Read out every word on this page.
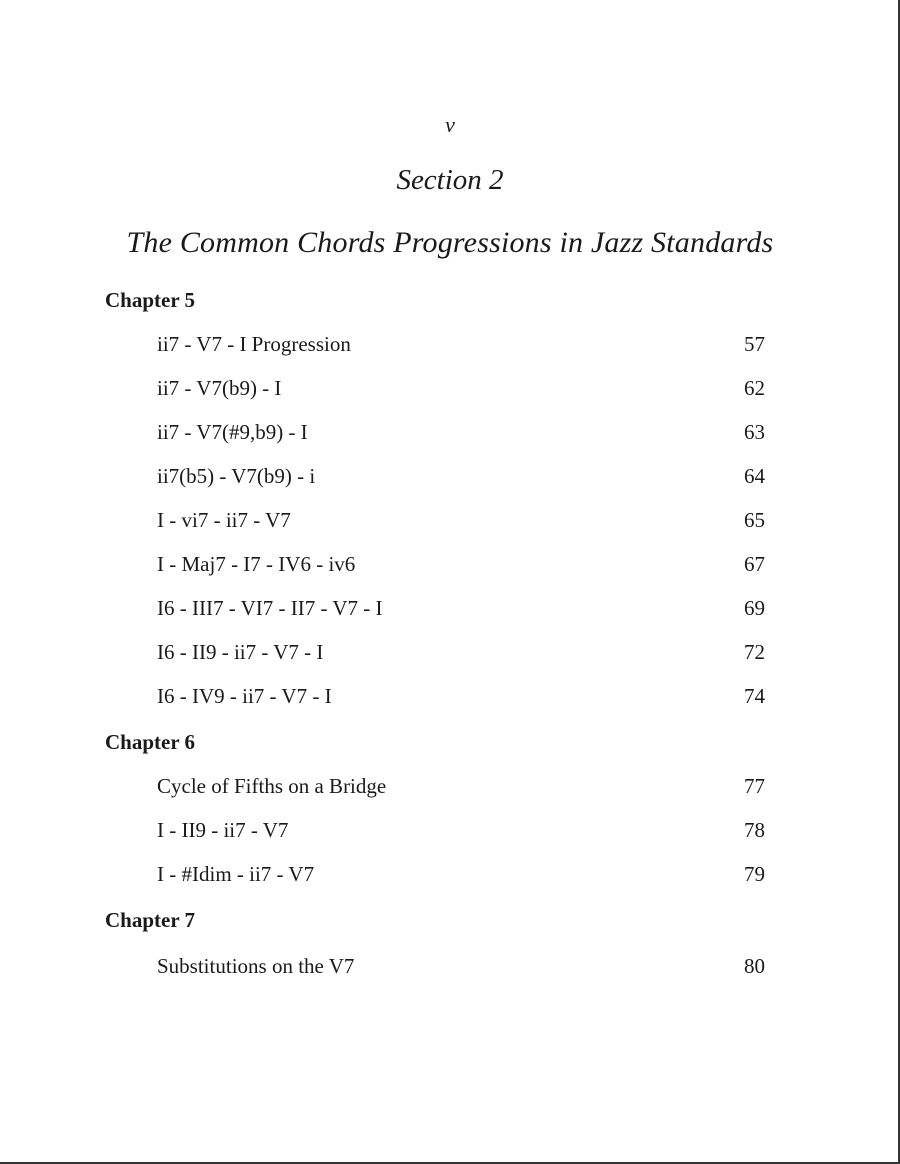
v
Section 2
The Common Chords Progressions in Jazz Standards
Chapter 5
ii7 - V7 - I Progression	57
ii7 - V7(b9) - I	62
ii7 - V7(#9,b9) - I	63
ii7(b5) - V7(b9) - i	64
I - vi7 - ii7 - V7	65
I - Maj7 - I7 - IV6 - iv6	67
I6 - III7 - VI7 - II7 - V7 - I	69
I6 - II9 - ii7 - V7 - I	72
I6 - IV9 - ii7 - V7 - I	74
Chapter 6
Cycle of Fifths on a Bridge	77
I - II9 - ii7 - V7	78
I - #Idim - ii7 - V7	79
Chapter 7
Substitutions on the V7	80
